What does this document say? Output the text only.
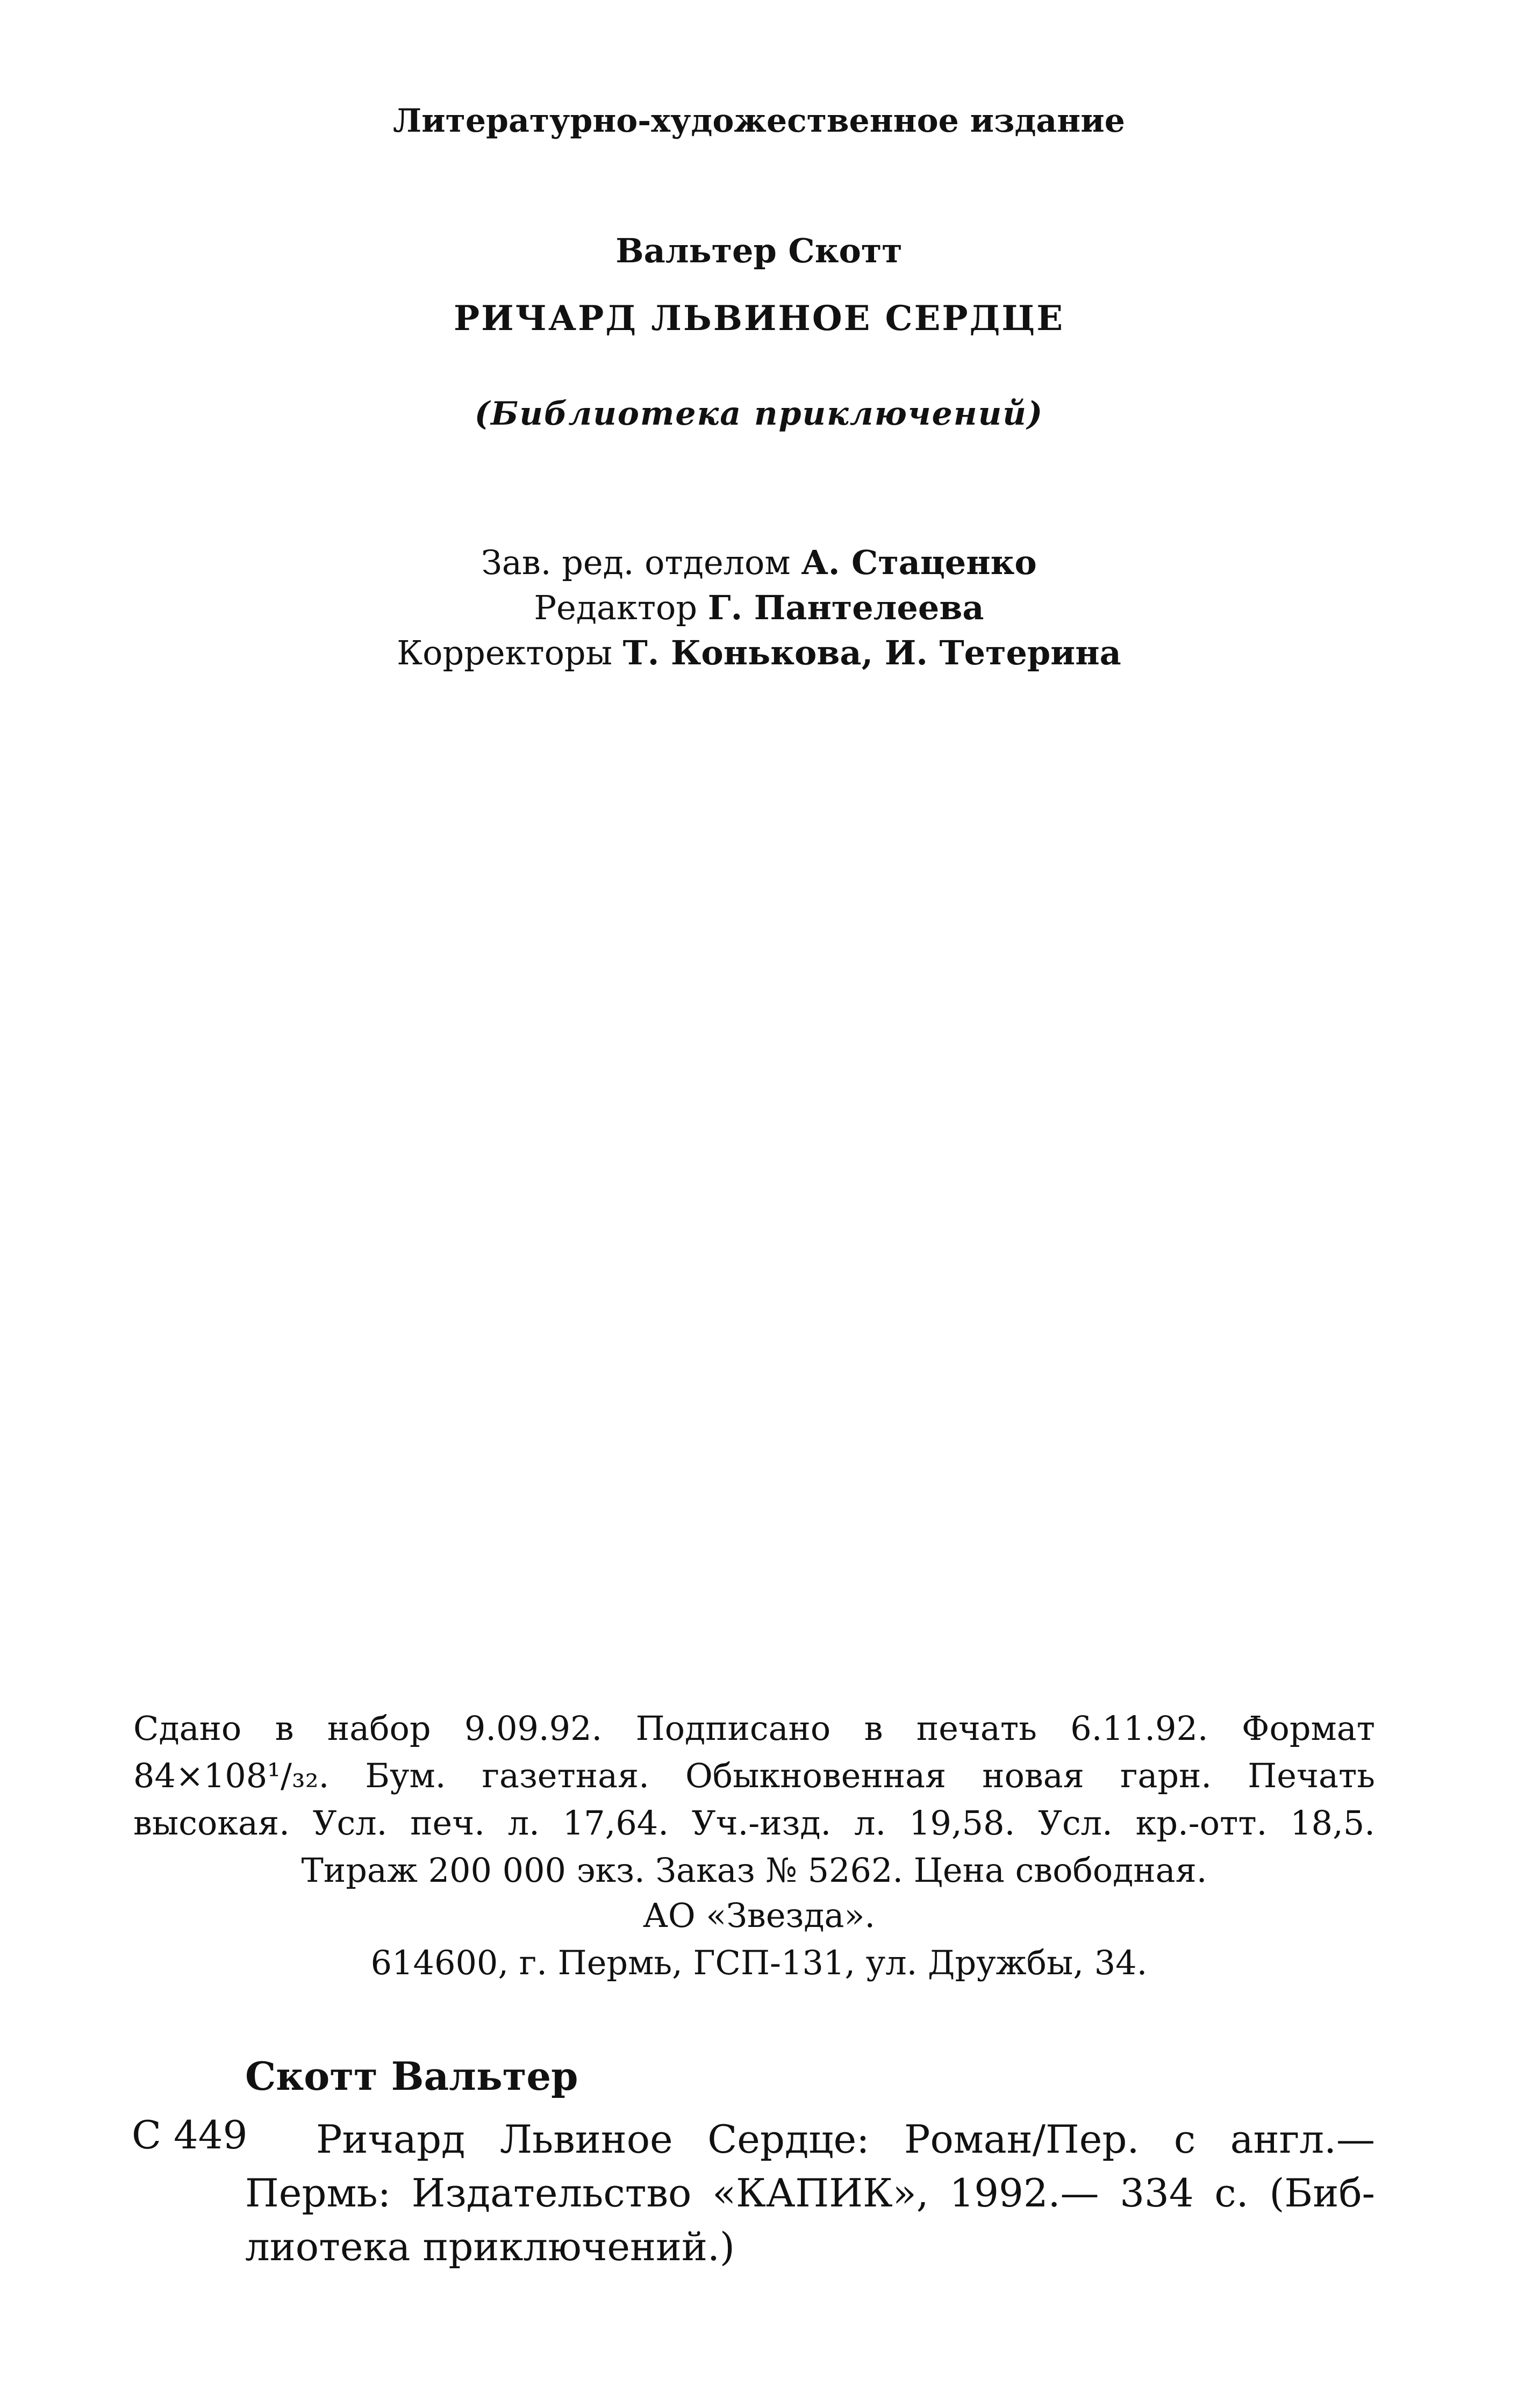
Литературно-художественное издание
Вальтер Скотт
РИЧАРД ЛЬВИНОЕ СЕРДЦЕ
(Библиотека приключений)
Зав. ред. отделом А. Стаценко
Редактор Г. Пантелеева
Корректоры Т. Конькова, И. Тетерина
Сдано в набор 9.09.92. Подписано в печать 6.11.92. Формат
84×108¹/₃₂. Бум. газетная. Обыкновенная новая гарн. Печать
высокая. Усл. печ. л. 17,64. Уч.-изд. л. 19,58. Усл. кр.-отт. 18,5.
Тираж 200 000 экз. Заказ № 5262. Цена свободная.
АО «Звезда».
614600, г. Пермь, ГСП-131, ул. Дружбы, 34.
Скотт Вальтер
С 449	Ричард Львиное Сердце: Роман/Пер. с англ.—
Пермь: Издательство «КАПИК», 1992.— 334 с. (Биб-
лиотека приключений.)
